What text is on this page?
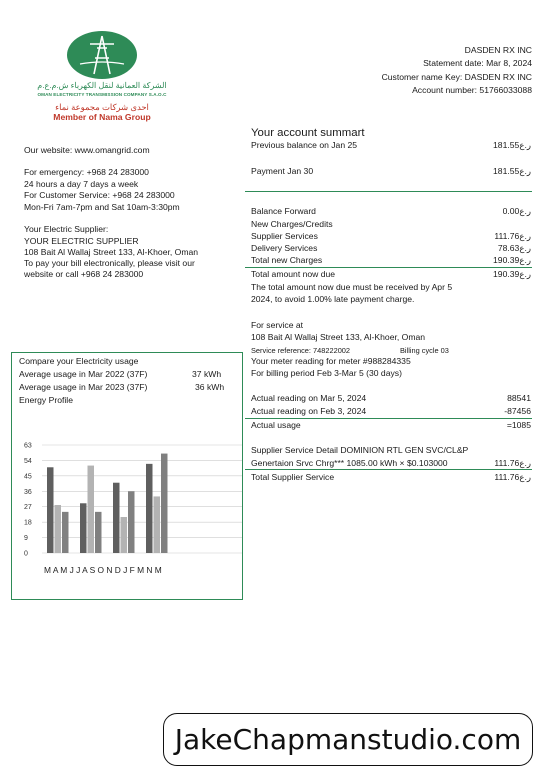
الشركة العمانية لنقل الكهرباء ش.م.ع.م
OMAN ELECTRICITY TRANSMISSION COMPANY S.A.O.C
احدى شركات مجموعة نماء
Member of Nama Group
DASDEN RX INC
Statement date: Mar 8, 2024
Customer name Key: DASDEN RX INC
Account number: 51766033088
Our website: www.omangrid.com
For emergency: +968 24 283000
24 hours a day 7 days a week
For Customer Service: +968 24 283000
Mon-Fri 7am-7pm and Sat 10am-3:30pm
Your Electric Supplier:
YOUR ELECTRIC SUPPLIER
108 Bait Al Wallaj Street 133, Al-Khoer, Oman
To pay your bill electronically, please visit our
website or call +968 24 283000
Your account summart
Previous balance on Jan 25	ر.ع181.55
Payment Jan 30	ر.ع181.55
Balance Forward	ر.ع0.00
New Charges/Credits
Supplier Services	ر.ع111.76
Delivery Services	ر.ع78.63
Total new Charges	ر.ع190.39
Total amount now due	ر.ع190.39
The total amount now due must be received by Apr 5
2024, to avoid 1.00% late payment charge.
For service at
108 Bait Al Wallaj Street 133, Al-Khoer, Oman
Service reference: 748222002	Billing cycle 03
Your meter reading for meter #988284335
For billing period Feb 3-Mar 5 (30 days)
Actual reading on Mar 5, 2024	88541
Actual reading on Feb 3, 2024	-87456
Actual usage	=1085
Supplier Service Detail DOMINION RTL GEN SVC/CL&P
Genertaion Srvc Chrg*** 1085.00 kWh × $0.103000	ر.ع111.76
Total Supplier Service	ر.ع111.76
Compare your Electricity usage
Average usage in Mar 2022 (37F)	37 kWh
Average usage in Mar 2023 (37F)	36 kWh
Energy Profile
63
54
45
36
27
18
9
0
M A M J J A S O N D J F M N M
JakeChapmanstudio.com
